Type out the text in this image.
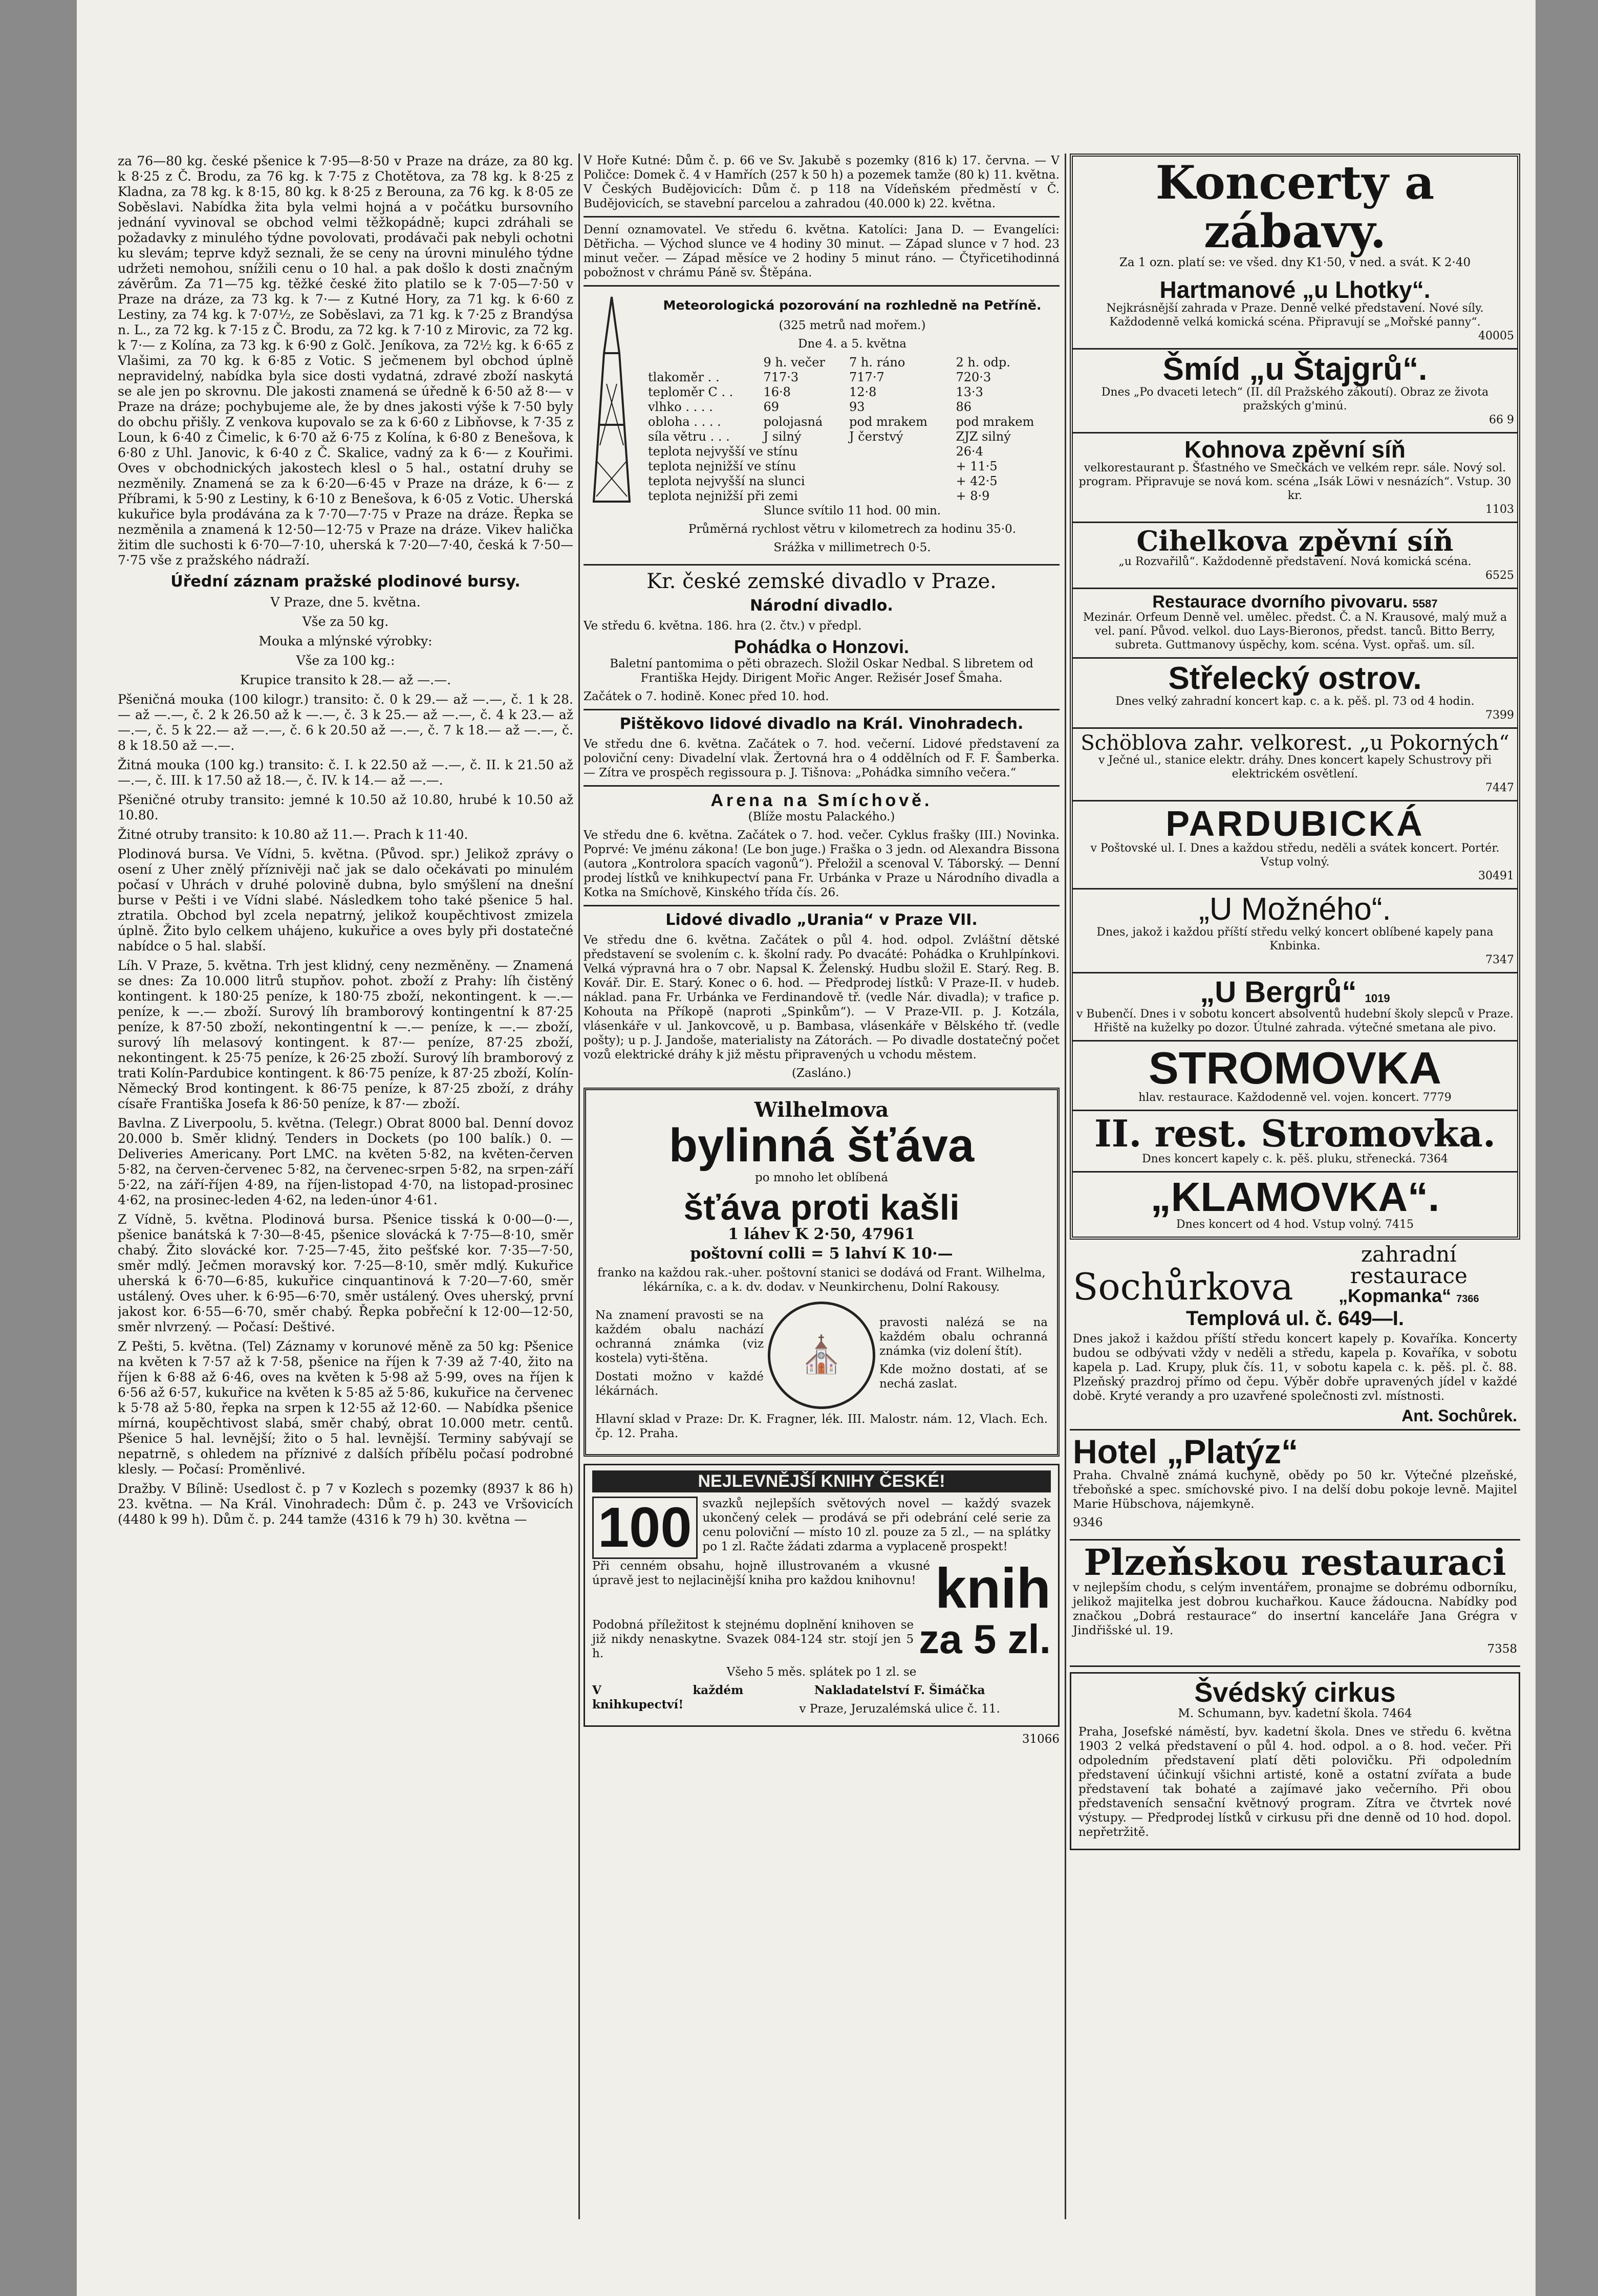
za 76—80 kg. české pšenice k 7·95—8·50 v Praze na dráze, za 80 kg. k 8·25 z Č. Brodu, za 76 kg. k 7·75 z Chotětova, za 78 kg. k 8·25 z Kladna, za 78 kg. k 8·15, 80 kg. k 8·25 z Berouna, za 76 kg. k 8·05 ze Soběslavi. Nabídka žita byla velmi hojná a v počátku bursovního jednání vyvinoval se obchod velmi těžkopádně; kupci zdráhali se požadavky z minulého týdne povolovati, prodávači pak nebyli ochotni ku slevám; teprve když seznali, že se ceny na úrovni minulého týdne udržeti nemohou, snížili cenu o 10 hal. a pak došlo k dosti značným závěrům. Za 71—75 kg. těžké české žito platilo se k 7·05—7·50 v Praze na dráze, za 73 kg. k 7·— z Kutné Hory, za 71 kg. k 6·60 z Lestiny, za 74 kg. k 7·07½, ze Soběslavi, za 71 kg. k 7·25 z Brandýsa n. L., za 72 kg. k 7·15 z Č. Brodu, za 72 kg. k 7·10 z Mirovic, za 72 kg. k 7·— z Kolína, za 73 kg. k 6·90 z Golč. Jeníkova, za 72½ kg. k 6·65 z Vlašimi, za 70 kg. k 6·85 z Votic. S ječmenem byl obchod úplně nepravidelný, nabídka byla sice dosti vydatná, zdravé zboží naskytá se ale jen po skrovnu. Dle jakosti znamená se úředně k 6·50 až 8·— v Praze na dráze; pochybujeme ale, že by dnes jakosti výše k 7·50 byly do obchu přišly. Z venkova kupovalo se za k 6·60 z Libňovse, k 7·35 z Loun, k 6·40 z Čimelic, k 6·70 až 6·75 z Kolína, k 6·80 z Benešova, k 6·80 z Uhl. Janovic, k 6·40 z Č. Skalice, vadný za k 6·— z Kouřimi. Oves v obchodnických jakostech klesl o 5 hal., ostatní druhy se nezměnily. Znamená se za k 6·20—6·45 v Praze na dráze, k 6·— z Příbrami, k 5·90 z Lestiny, k 6·10 z Benešova, k 6·05 z Votic. Uherská kukuřice byla prodávána za k 7·70—7·75 v Praze na dráze. Řepka se nezměnila a znamená k 12·50—12·75 v Praze na dráze. Vikev halička žitim dle suchosti k 6·70—7·10, uherská k 7·20—7·40, česká k 7·50—7·75 vše z pražského nádraží.

Úřední záznam pražské plodinové bursy.

V Praze, dne 5. května.

Vše za 50 kg.

Mouka a mlýnské výrobky:

Vše za 100 kg.:

Krupice transito k 28.— až —.—.

Pšeničná mouka (100 kilogr.) transito: č. 0 k 29.— až —.—, č. 1 k 28.— až —.—, č. 2 k 26.50 až k —.—, č. 3 k 25.— až —.—, č. 4 k 23.— až —.—, č. 5 k 22.— až —.—, č. 6 k 20.50 až —.—, č. 7 k 18.— až —.—, č. 8 k 18.50 až —.—.

Žitná mouka (100 kg.) transito: č. I. k 22.50 až —.—, č. II. k 21.50 až —.—, č. III. k 17.50 až 18.—, č. IV. k 14.— až —.—.

Pšeničné otruby transito: jemné k 10.50 až 10.80, hrubé k 10.50 až 10.80.

Žitné otruby transito: k 10.80 až 11.—. Prach k 11·40.

Plodinová bursa. Ve Vídni, 5. května. (Původ. spr.) Jelikož zprávy o osení z Uher znělý příznivěji nač jak se dalo očekávati po minulém počasí v Uhrách v druhé polovině dubna, bylo smýšlení na dnešní burse v Pešti i ve Vídni slabé. Následkem toho také pšenice 5 hal. ztratila. Obchod byl zcela nepatrný, jelikož koupěchtivost zmizela úplně. Žito bylo celkem uhájeno, kukuřice a oves byly při dostatečné nabídce o 5 hal. slabší.

Líh. V Praze, 5. května. Trh jest klidný, ceny nezměněny. — Znamená se dnes: Za 10.000 litrů stupňov. pohot. zboží z Prahy: líh čistěný kontingent. k 180·25 peníze, k 180·75 zboží, nekontingent. k —.— peníze, k —.— zboží. Surový líh bramborový kontingentní k 87·25 peníze, k 87·50 zboží, nekontingentní k —.— peníze, k —.— zboží, surový líh melasový kontingent. k 87·— peníze, 87·25 zboží, nekontingent. k 25·75 peníze, k 26·25 zboží. Surový líh bramborový z trati Kolín-Pardubice kontingent. k 86·75 peníze, k 87·25 zboží, Kolín-Německý Brod kontingent. k 86·75 peníze, k 87·25 zboží, z dráhy císaře Františka Josefa k 86·50 peníze, k 87·— zboží.

Bavlna. Z Liverpoolu, 5. května. (Telegr.) Obrat 8000 bal. Denní dovoz 20.000 b. Směr klidný. Tenders in Dockets (po 100 balík.) 0. — Deliveries Americany. Port LMC. na květen 5·82, na květen-červen 5·82, na červen-červenec 5·82, na červenec-srpen 5·82, na srpen-září 5·22, na září-říjen 4·89, na říjen-listopad 4·70, na listopad-prosinec 4·62, na prosinec-leden 4·62, na leden-únor 4·61.

Z Vídně, 5. května. Plodinová bursa. Pšenice tisská k 0·00—0·—, pšenice banátská k 7·30—8·45, pšenice slovácká k 7·75—8·10, směr chabý. Žito slovácké kor. 7·25—7·45, žito pešťské kor. 7·35—7·50, směr mdlý. Ječmen moravský kor. 7·25—8·10, směr mdlý. Kukuřice uherská k 6·70—6·85, kukuřice cinquantinová k 7·20—7·60, směr ustálený. Oves uher. k 6·95—6·70, směr ustálený. Oves uherský, první jakost kor. 6·55—6·70, směr chabý. Řepka pobřeční k 12·00—12·50, směr nlvrzený. — Počasí: Deštivé.

Z Pešti, 5. května. (Tel) Záznamy v korunové měně za 50 kg: Pšenice na květen k 7·57 až k 7·58, pšenice na říjen k 7·39 až 7·40, žito na říjen k 6·88 až 6·46, oves na květen k 5·98 až 5·99, oves na říjen k 6·56 až 6·57, kukuřice na květen k 5·85 až 5·86, kukuřice na červenec k 5·78 až 5·80, řepka na srpen k 12·55 až 12·60. — Nabídka pšenice mírná, koupěchtivost slabá, směr chabý, obrat 10.000 metr. centů. Pšenice 5 hal. levnější; žito o 5 hal. levnější. Terminy sabývají se nepatrně, s ohledem na příznivé z dalších příbělu počasí podrobné klesly. — Počasí: Proměnlivé.

Dražby. V Bílině: Usedlost č. p 7 v Kozlech s pozemky (8937 k 86 h) 23. května. — Na Král. Vinohradech: Dům č. p. 243 ve Vršovicích (4480 k 99 h). Dům č. p. 244 tamže (4316 k 79 h) 30. května —

V Hoře Kutné: Dům č. p. 66 ve Sv. Jakubě s pozemky (816 k) 17. června. — V Poličce: Domek č. 4 v Hamřích (257 k 50 h) a pozemek tamže (80 k) 11. května. V Českých Budějovicích: Dům č. p 118 na Vídeňském předměstí v Č. Budějovicích, se stavební parcelou a zahradou (40.000 k) 22. května.

Denní oznamovatel. Ve středu 6. května. Katolíci: Jana D. — Evangelíci: Dětřicha. — Východ slunce ve 4 hodiny 30 minut. — Západ slunce v 7 hod. 23 minut večer. — Západ měsíce ve 2 hodiny 5 minut ráno. — Čtyřicetihodinná pobožnost v chrámu Páně sv. Štěpána.

Meteorologická pozorování na rozhledně na Petříně.

(325 metrů nad mořem.)

Dne 4. a 5. května

	9 h. večer	7 h. ráno	2 h. odp.
tlakoměr . .	717·3	717·7	720·3
teploměr C . .	16·8	12·8	13·3
vlhko . . . .	69	93	86
oblohа . . . .	polojasná	pod mrakem	pod mrakem
síla větru . . .	J silný	J čerstvý	ZJZ silný
teplota nejvyšší ve stínu			26·4
teplota nejnižší ve stínu			+ 11·5
teplota nejvyšší na slunci			+ 42·5
teplota nejnižší při zemi			+ 8·9

Slunce svítilo 11 hod. 00 min.

Průměrná rychlost větru v kilometrech za hodinu 35·0.

Srážka v millimetrech 0·5.

Kr. české zemské divadlo v Praze.
Národní divadlo.

Ve středu 6. května. 186. hra (2. čtv.) v předpl.

Pohádka o Honzovi.

Baletní pantomima o pěti obrazech. Složil Oskar Nedbal. S libretem od Františka Hejdy. Dirigent Mořic Anger. Režisér Josef Šmaha.

Začátek o 7. hodině. Konec před 10. hod.

Pištěkovo lidové divadlo na Král. Vinohradech.

Ve středu dne 6. května. Začátek o 7. hod. večerní. Lidové představení za poloviční ceny: Divadelní vlak. Žertovná hra o 4 oddělních od F. F. Šamberka. — Zítra ve prospěch regissoura p. J. Tišnova: „Pohádka simního večera.“

Arena na Smíchově.

(Blíže mostu Palackého.)

Ve středu dne 6. května. Začátek o 7. hod. večer. Cyklus frašky (III.) Novinka. Poprvé: Ve jménu zákona! (Le bon juge.) Fraška o 3 jedn. od Alexandra Bissona (autora „Kontrolora spacích vagonů“). Přeložil a scenoval V. Táborský. — Denní prodej lístků ve knihkupectví pana Fr. Urbánka v Praze u Národního divadla a Kotka na Smíchově, Kinského třída čís. 26.

Lidové divadlo „Urania“ v Praze VII.

Ve středu dne 6. května. Začátek o půl 4. hod. odpol. Zvláštní dětské představení se svolením c. k. školní rady. Po dvacáté: Pohádka o Kruhlpínkovi. Velká výpravná hra o 7 obr. Napsal K. Želenský. Hudbu složil E. Starý. Reg. B. Kovář. Dir. E. Starý. Konec o 6. hod. — Předprodej lístků: V Praze-II. v hudeb. náklad. pana Fr. Urbánka ve Ferdinandově tř. (vedle Nár. divadla); v trafice p. Kohouta na Příkopě (naproti „Spinkům“). — V Praze-VII. p. J. Kotzála, vlásenkáře v ul. Jankovcově, u p. Bambasa, vlásenkáře v Bělského tř. (vedle pošty); u p. J. Jandoše, materialisty na Zátorách. — Po divadle dostatečný počet vozů elektrické dráhy k již městu připravených u vchodu městem.

(Zasláno.)

Wilhelmova
bylinná šťáva

po mnoho let oblíbená

šťáva proti kašli

1 láhev K 2·50, 47961

poštovní colli = 5 lahví K 10·—

franko na každou rak.-uher. poštovní stanici se dodává od Frant. Wilhelma, lékárníka, c. a k. dv. dodav. v Neunkirchenu, Dolní Rakousy.

Na znamení pravosti se na každém obalu nachází ochranná známka (viz kostela) vyti-štěna.

Dostati možno v každé lékárnách.

⛪

pravosti nalézá se na každém obalu ochranná známka (viz dolení štít).

Kde možno dostati, ať se nechá zaslat.

Hlavní sklad v Praze: Dr. K. Fragner, lék. III. Malostr. nám. 12, Vlach. Ech. čp. 12. Praha.

NEJLEVNĚJŠÍ KNIHY ČESKÉ!
100 svazků nejlepších světových novel — každý svazek ukončený celek — prodává se při odebrání celé serie za cenu poloviční — místo 10 zl. pouze za 5 zl., — na splátky po 1 zl. Račte žádati zdarma a vyplaceně prospekt!

Při cenném obsahu, hojně illustrovaném a vkusné úpravě jest to nejlacinější kniha pro každou knihovnu! knih

Podobná příležitost k stejnému doplnění knihoven se již nikdy nenaskytne. Svazek 084-124 str. stojí jen 5 h.	za 5 zl.

Všeho 5 měs. splátek po 1 zl. se

V každém knihkupectví!

Nakladatelství F. Šimáčka

v Praze, Jeruzalémská ulice č. 11.

31066

Koncerty a zábavy.

Za 1 ozn. platí se: ve všed. dny K1·50, v ned. a svát. K 2·40

Hartmanové „u Lhotky“.
Nejkrásnější zahrada v Praze. Denně velké představení. Nové síly. Každodenně velká komická scéna. Připravují se „Mořské panny“.
40005
Šmíd „u Štajgrů“.
Dnes „Po dvaceti letech“ (II. díl Pražského zákoutí). Obraz ze života pražských g'minú.
66 9
Kohnova zpěvní síň
velkorestaurant p. Šťastného ve Smečkách ve velkém repr. sále. Nový sol. program. Připravuje se nová kom. scéna „Isák Löwi v nesnázích“. Vstup. 30 kr.
1103
Cihelkova zpěvní síň
„u Rozvařilů“. Každodenně představení. Nová komická scéna.
6525
Restaurace dvorního pivovaru. 5587
Mezinár. Orfeum Denně vel. umělec. předst. Č. a N. Krausové, malý muž a vel. paní. Původ. velkol. duo Lays-Bieronos, předst. tanců. Bitto Berry, subreta. Guttmanovy úspěchy, kom. scéna. Vyst. opřaš. um. síl.
Střelecký ostrov.
Dnes velký zahradní koncert kap. c. a k. pěš. pl. 73 od 4 hodin.
7399
Schöblova zahr. velkorest. „u Pokorných“
v Ječné ul., stanice elektr. dráhy. Dnes koncert kapely Schustrovy při elektrickém osvětlení.
7447
PARDUBICKÁ
v Poštovské ul. I. Dnes a každou středu, neděli a svátek koncert. Portér. Vstup volný.
30491
„U Možného“.
Dnes, jakož i každou příští středu velký koncert oblíbené kapely pana Knbinka.
7347
„U Bergrů“ 1019
v Bubenčí. Dnes i v sobotu koncert absolventů hudební školy slepců v Praze. Hřiště na kuželky po dozor. Útulné zahrada. výtečné smetana ale pivo.
STROMOVKA
hlav. restaurace. Každodenně vel. vojen. koncert. 7779
II. rest. Stromovka.
Dnes koncert kapely c. k. pěš. pluku, střenecká. 7364
„KLAMOVKA“.
Dnes koncert od 4 hod. Vstup volný. 7415
Sochůrkova
zahradní restaurace
„Kopmanka“ 7366
Templová ul. č. 649—I.

Dnes jakož i každou příští středu koncert kapely p. Kovaříka. Koncerty budou se odbývati vždy v neděli a středu, kapela p. Kovaříka, v sobotu kapela p. Lad. Krupy, pluk čís. 11, v sobotu kapela c. k. pěš. pl. č. 88. Plzeňský prazdroj přímo od čepu. Výběr dobře upravených jídel v každé době. Kryté verandy a pro uzavřené společnosti zvl. místnosti.

Ant. Sochůrek.
Hotel „Platýz“

Praha. Chvalně známá kuchyně, obědy po 50 kr. Výtečné plzeňské, třeboňské a spec. smíchovské pivo. I na delší dobu pokoje levně. Majitel Marie Hübschova, nájemkyně.

9346

Plzeňskou restauraci

v nejlepším chodu, s celým inventářem, pronajme se dobrému odborníku, jelikož majitelka jest dobrou kuchařkou. Kauce žádoucna. Nabídky pod značkou „Dobrá restaurace“ do insertní kanceláře Jana Grégra v Jindřišské ul. 19.

7358

Švédský cirkus

M. Schumann, byv. kadetní škola. 7464

Praha, Josefské náměstí, byv. kadetní škola. Dnes ve středu 6. května 1903 2 velká představení o půl 4. hod. odpol. a o 8. hod. večer. Při odpoledním představení platí děti polovičku. Při odpoledním představení účinkují všichni artisté, koně a ostatní zvířata a bude představení tak bohaté a zajímavé jako večerního. Při obou představeních sensační květnový program. Zítra ve čtvrtek nové výstupy. — Předprodej lístků v cirkusu při dne denně od 10 hod. dopol. nepřetržitě.
